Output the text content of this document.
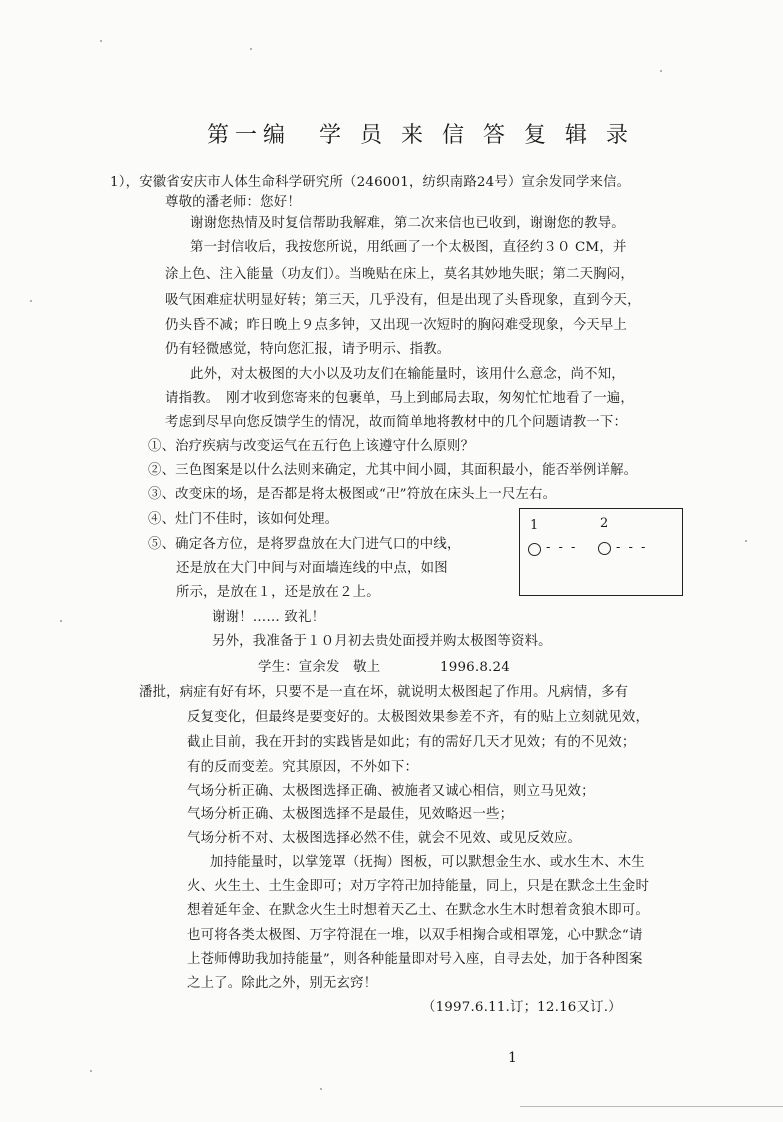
第一编　学 员 来 信 答 复 辑 录
1），安徽省安庆市人体生命科学研究所（246001，纺织南路24号）宣余发同学来信。
尊敬的潘老师：您好！
谢谢您热情及时复信帮助我解难，第二次来信也已收到，谢谢您的教导。
第一封信收后，我按您所说，用纸画了一个太极图，直径约３０ CM，并
涂上色、注入能量（功友们）。当晚贴在床上，莫名其妙地失眠；第二天胸闷，
吸气困难症状明显好转；第三天，几乎没有，但是出现了头昏现象，直到今天，
仍头昏不减；昨日晚上９点多钟，又出现一次短时的胸闷难受现象，今天早上
仍有轻微感觉，特向您汇报，请予明示、指教。
此外，对太极图的大小以及功友们在输能量时，该用什么意念，尚不知，
请指教。　刚才收到您寄来的包裹单，马上到邮局去取，匆匆忙忙地看了一遍，
考虑到尽早向您反馈学生的情况，故而简单地将教材中的几个问题请教一下：
①、治疗疾病与改变运气在五行色上该遵守什么原则？
②、三色图案是以什么法则来确定，尤其中间小圆，其面积最小，能否举例详解。
③、改变床的场，是否都是将太极图或“卍”符放在床头上一尺左右。
④、灶门不佳时，该如何处理。
⑤、确定各方位，是将罗盘放在大门进气口的中线，
还是放在大门中间与对面墙连线的中点，如图
所示，是放在１，还是放在２上。
1	2
- - -	- - -
谢谢！…… 致礼！
另外，我准备于１０月初去贵处面授并购太极图等资料。
学生：宣余发　敬上	1996.8.24
潘批，病症有好有坏，只要不是一直在坏，就说明太极图起了作用。凡病情，多有
反复变化，但最终是要变好的。太极图效果参差不齐，有的贴上立刻就见效，
截止目前，我在开封的实践皆是如此；有的需好几天才见效；有的不见效；
有的反而变差。究其原因，不外如下：
气场分析正确、太极图选择正确、被施者又诚心相信，则立马见效；
气场分析正确、太极图选择不是最佳，见效略迟一些；
气场分析不对、太极图选择必然不佳，就会不见效、或见反效应。
加持能量时，以掌笼罩（抚掏）图板，可以默想金生水、或水生木、木生
火、火生土、土生金即可；对万字符卍加持能量，同上，只是在默念土生金时
想着延年金、在默念火生土时想着天乙土、在默念水生木时想着贪狼木即可。
也可将各类太极图、万字符混在一堆，以双手相掬合或相罩笼，心中默念“请
上苍师傅助我加持能量”，则各种能量即对号入座，自寻去处，加于各种图案
之上了。除此之外，别无玄窍！
（1997.6.11.订；12.16又订.）
1
